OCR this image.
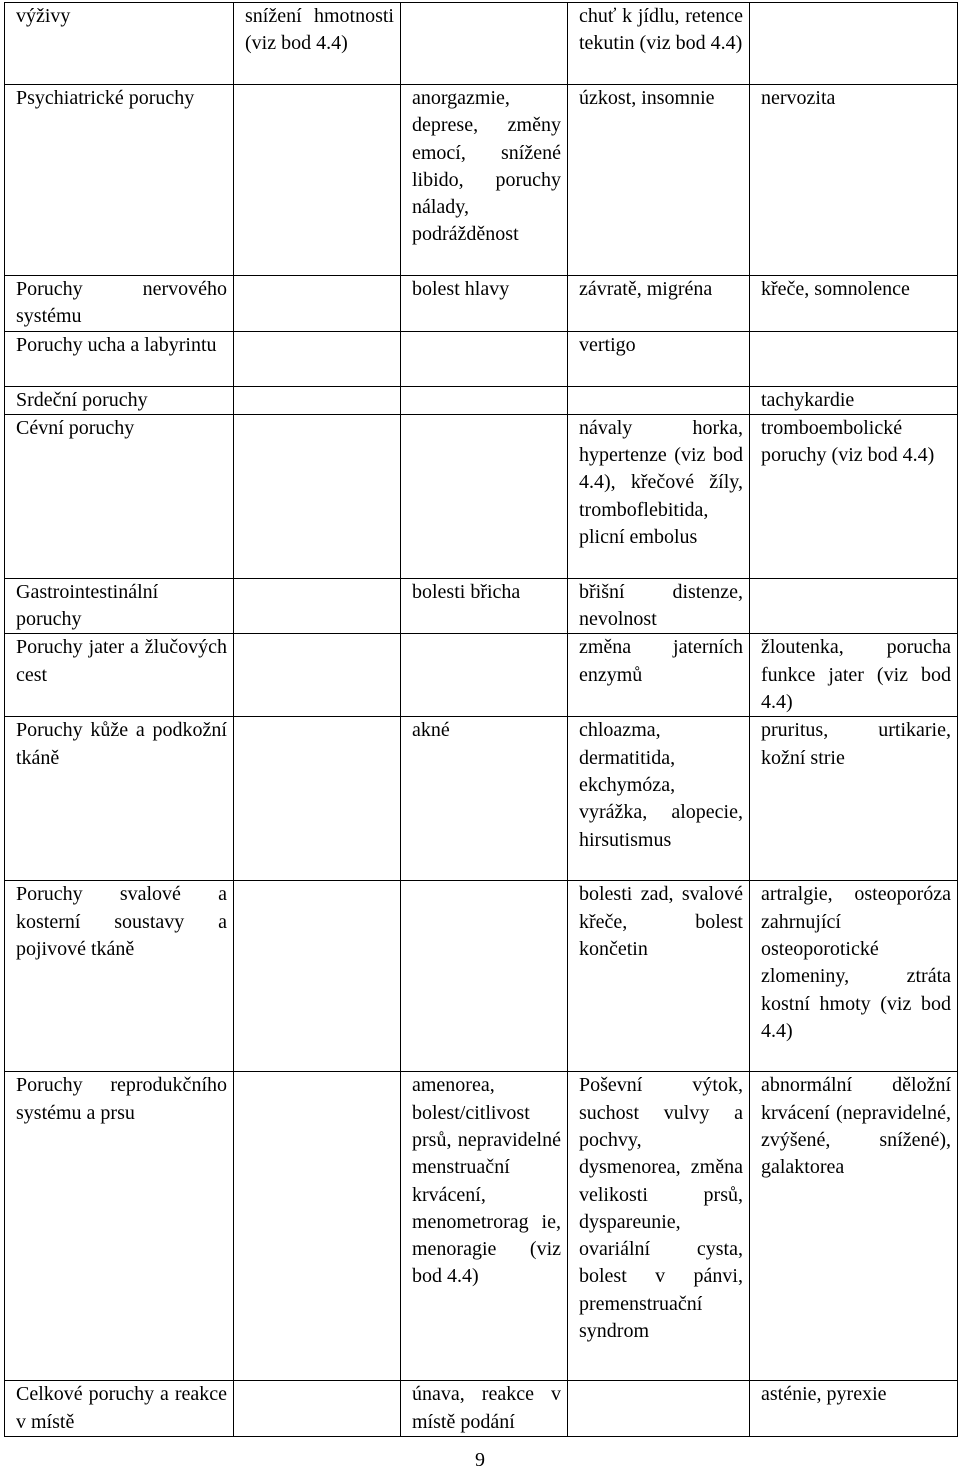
výživy	snížení hmotnosti (viz bod 4.4)		chuť k jídlu, retence tekutin (viz bod 4.4)	

Psychiatrické poruchy		anorgazmie, deprese, změny emocí, snížené libido, poruchy nálady, podrážděnost	úzkost, insomnie	nervozita

Poruchy nervového systému		bolest hlavy	závratě, migréna	křeče, somnolence

Poruchy ucha a labyrintu			vertigo	

Srdeční poruchy				tachykardie

Cévní poruchy			návaly horka, hypertenze (viz bod 4.4), křečové žíly, tromboflebitida, plicní embolus	tromboembolické poruchy (viz bod 4.4)

Gastrointestinální poruchy		bolesti břicha	břišní distenze, nevolnost	

Poruchy jater a žlučových cest			změna jaterních enzymů	žloutenka, porucha funkce jater (viz bod 4.4)

Poruchy kůže a podkožní tkáně		akné	chloazma, dermatitida, ekchymóza, vyrážka, alopecie, hirsutismus	pruritus, urtikarie, kožní strie

Poruchy svalové a kosterní soustavy a pojivové tkáně			bolesti zad, svalové křeče, bolest končetin	artralgie, osteoporóza zahrnující osteoporotické zlomeniny, ztráta kostní hmoty (viz bod 4.4)

Poruchy reprodukčního systému a prsu		amenorea, bolest/citlivost prsů, nepravidelné menstruační krvácení, menometrorag ie, menoragie (viz bod 4.4)	Poševní výtok, suchost vulvy a pochvy, dysmenorea, změna velikosti prsů, dyspareunie, ovariální cysta, bolest v pánvi, premenstruační syndrom	abnormální děložní krvácení (nepravidelné, zvýšené, snížené), galaktorea

Celkové poruchy a reakce v místě		únava, reakce v místě podání		asténie, pyrexie
9
